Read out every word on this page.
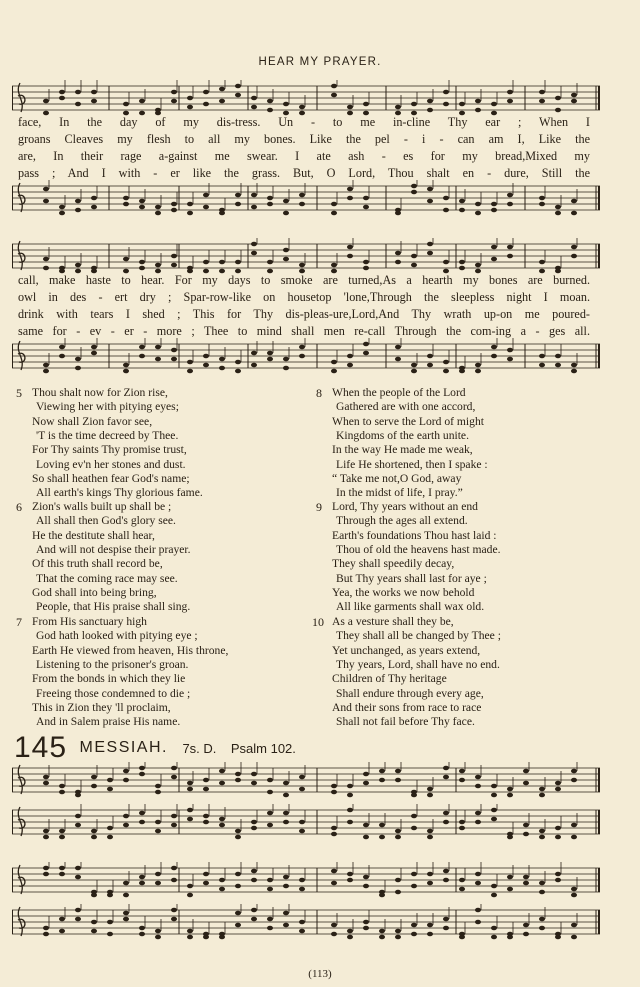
HEAR MY PRAYER.
face, In the day of my dis-tress. Un - to me in-cline Thy ear ; When I
groans Cleaves my flesh to all my bones. Like the pel - i - can am I, Like the
are, In their rage a-gainst me swear. I ate ash - es for my bread,Mixed my
pass ; And I with - er like the grass. But, O Lord, Thou shalt en - dure, Still the
call, make haste to hear. For my days to smoke are turned,As a hearth my bones are burned.
owl in des - ert dry ; Spar-row-like on housetop 'lone,Through the sleepless night I moan.
drink with tears I shed ; This for Thy dis-pleas-ure,Lord,And Thy wrath up-on me poured-
same for - ev - er - more ; Thee to mind shall men re-call Through the com-ing a - ges all.
5 Thou shalt now for Zion rise,
Viewing her with pitying eyes;
Now shall Zion favor see,
'T is the time decreed by Thee.
For Thy saints Thy promise trust,
Loving ev'n her stones and dust.
So shall heathen fear God's name;
All earth's kings Thy glorious fame.
6 Zion's walls built up shall be ;
All shall then God's glory see.
He the destitute shall hear,
And will not despise their prayer.
Of this truth shall record be,
That the coming race may see.
God shall into being bring,
People, that His praise shall sing.
7 From His sanctuary high
God hath looked with pitying eye ;
Earth He viewed from heaven, His throne,
Listening to the prisoner's groan.
From the bonds in which they lie
Freeing those condemned to die ;
This in Zion they 'll proclaim,
And in Salem praise His name.
8 When the people of the Lord
Gathered are with one accord,
When to serve the Lord of might
Kingdoms of the earth unite.
In the way He made me weak,
Life He shortened, then I spake :
“ Take me not,O God, away
In the midst of life, I pray.”
9 Lord, Thy years without an end
Through the ages all extend.
Earth's foundations Thou hast laid :
Thou of old the heavens hast made.
They shall speedily decay,
But Thy years shall last for aye ;
Yea, the works we now behold
All like garments shall wax old.
10 As a vesture shall they be,
They shall all be changed by Thee ;
Yet unchanged, as years extend,
Thy years, Lord, shall have no end.
Children of Thy heritage
Shall endure through every age,
And their sons from race to race
Shall not fail before Thy face.
145 MESSIAH. 7s. D. Psalm 102.
(113)
